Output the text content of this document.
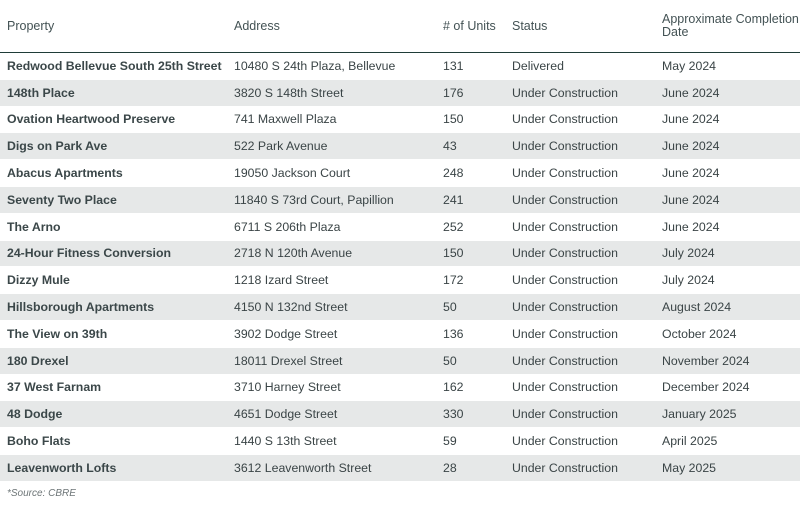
Property	Address	# of Units	Status	Approximate Completion Date
Redwood Bellevue South 25th Street	10480 S 24th Plaza, Bellevue	131	Delivered	May 2024
148th Place	3820 S 148th Street	176	Under Construction	June 2024
Ovation Heartwood Preserve	741 Maxwell Plaza	150	Under Construction	June 2024
Digs on Park Ave	522 Park Avenue	43	Under Construction	June 2024
Abacus Apartments	19050 Jackson Court	248	Under Construction	June 2024
Seventy Two Place	11840 S 73rd Court, Papillion	241	Under Construction	June 2024
The Arno	6711 S 206th Plaza	252	Under Construction	June 2024
24-Hour Fitness Conversion	2718 N 120th Avenue	150	Under Construction	July 2024
Dizzy Mule	1218 Izard Street	172	Under Construction	July 2024
Hillsborough Apartments	4150 N 132nd Street	50	Under Construction	August 2024
The View on 39th	3902 Dodge Street	136	Under Construction	October 2024
180 Drexel	18011 Drexel Street	50	Under Construction	November 2024
37 West Farnam	3710 Harney Street	162	Under Construction	December 2024
48 Dodge	4651 Dodge Street	330	Under Construction	January 2025
Boho Flats	1440 S 13th Street	59	Under Construction	April 2025
Leavenworth Lofts	3612 Leavenworth Street	28	Under Construction	May 2025
*Source: CBRE
